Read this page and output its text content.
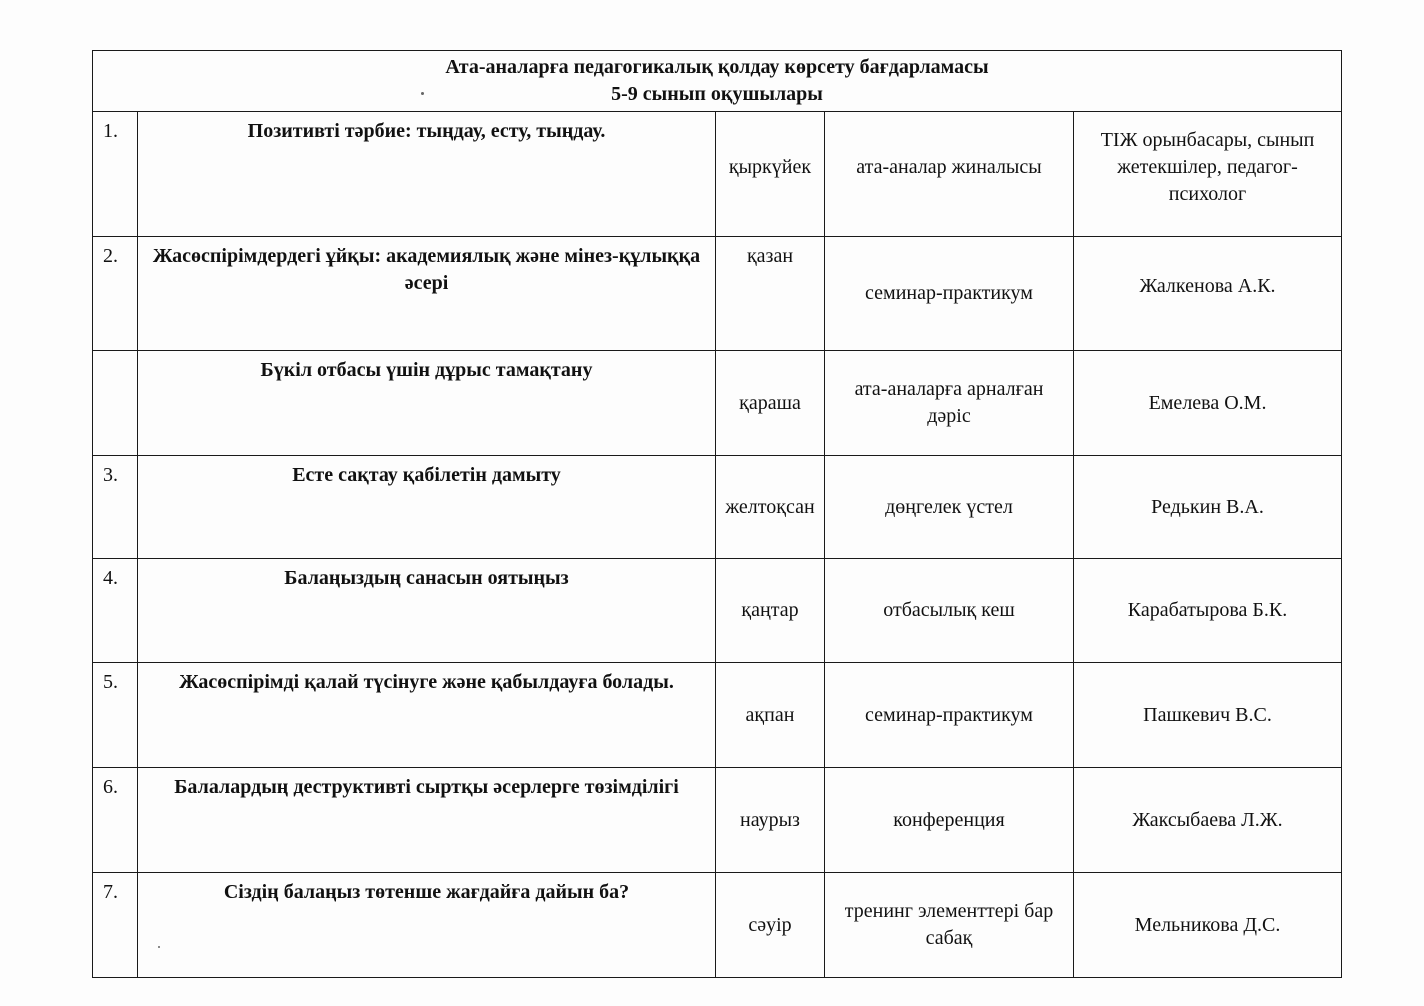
Ата-аналарға педагогикалық қолдау көрсету бағдарламасы
5-9 сынып оқушылары				

1.	Позитивті тәрбие: тыңдау, есту, тыңдау.	қыркүйек	ата-аналар жиналысы	ТІЖ орынбасары, сынып жетекшілер, педагог-психолог
2.	Жасөспірімдердегі ұйқы: академиялық және мінез-құлыққа әсері	қазан	семинар-практикум	Жалкенова А.К.
	Бүкіл отбасы үшін дұрыс тамақтану	қараша	ата-аналарға арналған дәріс	Емелева О.М.
3.	Есте сақтау қабілетін дамыту	желтоқсан	дөңгелек үстел	Редькин В.А.
4.	Балаңыздың санасын оятыңыз	қаңтар	отбасылық кеш	Карабатырова Б.К.
5.	Жасөспірімді қалай түсінуге және қабылдауға болады.	ақпан	семинар-практикум	Пашкевич В.С.
6.	Балалардың деструктивті сыртқы әсерлерге төзімділігі	наурыз	конференция	Жаксыбаева Л.Ж.
7.	Сіздің балаңыз төтенше жағдайға дайын ба?	сәуір	тренинг элементтері бар сабақ	Мельникова Д.С.
